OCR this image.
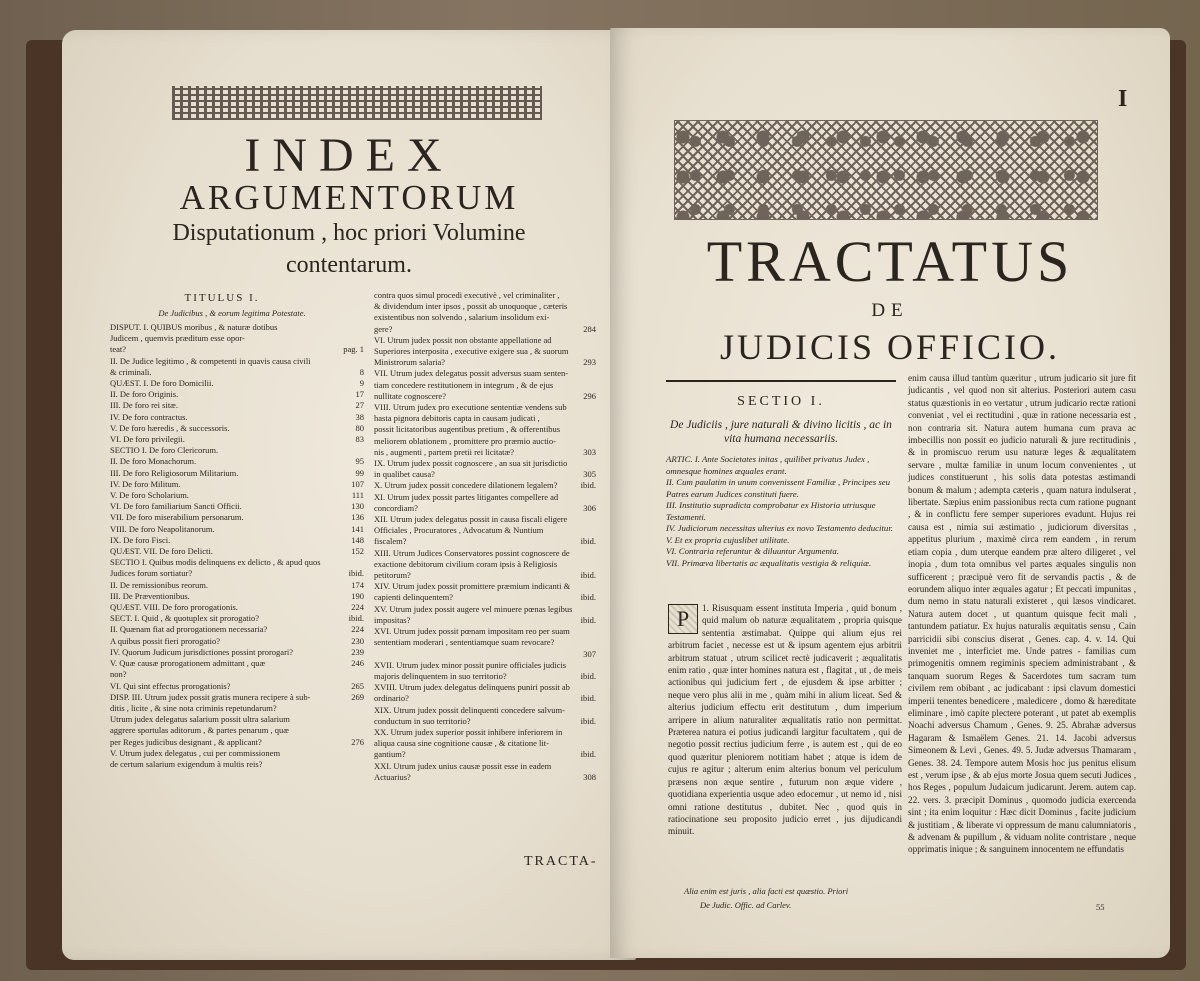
INDEX
ARGUMENTORUM
Disputationum , hoc priori Volumine
contentarum.
TITULUS I.
De Judicibus , & eorum legitima Potestate.
DISPUT. I. QUIBUS moribus , & naturæ dotibus
Judicem , quemvis præditum esse opor-
teat?	pag. 1
II. De Judice legitimo , & competenti in quavis causa civili
& criminali.	8
QUÆST. I. De foro Domicilii.	9
II. De foro Originis.	17
III. De foro rei sitæ.	27
IV. De foro contractus.	38
V. De foro hæredis , & successoris.	80
VI. De foro privilegii.	83
SECTIO I. De foro Clericorum.
II. De foro Monachorum.	95
III. De foro Religiosorum Militarium.	99
IV. De foro Militum.	107
V. De foro Scholarium.	111
VI. De foro familiarium Sancti Officii.	130
VII. De foro miserabilium personarum.	136
VIII. De foro Neapolitanorum.	141
IX. De foro Fisci.	148
QUÆST. VII. De foro Delicti.	152
SECTIO I. Quibus modis delinquens ex delicto , & apud quos
Judices forum sortiatur?	ibid.
II. De remissionibus reorum.	174
III. De Præventionibus.	190
QUÆST. VIII. De foro prorogationis.	224
SECT. I. Quid , & quotuplex sit prorogatio?	ibid.
II. Quænam fiat ad prorogationem necessaria?	224
A quibus possit fieri prorogatio?	230
IV. Quorum Judicum jurisdictiones possint prorogari?	239
V. Quæ causæ prorogationem admittant , quæ	246
non?
VI. Qui sint effectus prorogationis?	265
DISP. III. Utrum judex possit gratis munera recipere à sub-	269
ditis , licite , & sine nota criminis repetundarum?
Utrum judex delegatus salarium possit ultra salarium
aggrere sportulas aditorum , & partes penarum , quæ
per Reges judicibus designant , & applicant?	276
V. Utrum judex delegatus , cui per commissionem
de certum salarium exigendum à multis reis?
contra quos simul procedi executivè , vel criminaliter ,
& dividendum inter ipsos , possit ab unoquoque , cæteris
existentibus non solvendo , salarium insolidum exi-
gere?	284
VI. Utrum judex possit non obstante appellatione ad
Superiores interposita , executive exigere sua , & suorum
Ministrorum salaria?	293
VII. Utrum judex delegatus possit adversus suam senten-
tiam concedere restitutionem in integrum , & de ejus
nullitate cognoscere?	296
VIII. Utrum judex pro executione sententiæ vendens sub
hasta pignora debitoris capta in causam judicati ,
possit licitatoribus augentibus pretium , & offerentibus
meliorem oblationem , promittere pro præmio auctio-
nis , augmenti , partem pretii rei licitatæ?	303
IX. Utrum judex possit cognoscere , an sua sit jurisdictio
in qualibet causa?	305
X. Utrum judex possit concedere dilationem legalem?	ibid.
XI. Utrum judex possit partes litigantes compellere ad
concordiam?	306
XII. Utrum judex delegatus possit in causa fiscali eligere
Officiales , Procuratores , Advocatum & Nuntium
fiscalem?	ibid.
XIII. Utrum Judices Conservatores possint cognoscere de
exactione debitorum civilium coram ipsis à Religiosis
petitorum?	ibid.
XIV. Utrum judex possit promittere præmium indicanti &
capienti delinquentem?	ibid.
XV. Utrum judex possit augere vel minuere pœnas legibus
impositas?	ibid.
XVI. Utrum judex possit pœnam impositam reo per suam
sententiam moderari , sententiamque suam revocare?
307
XVII. Utrum judex minor possit punire officiales judicis
majoris delinquentem in suo territorio?	ibid.
XVIII. Utrum judex delegatus delinquens puniri possit ab
ordinario?	ibid.
XIX. Utrum judex possit delinquenti concedere salvum-
conductum in suo territorio?	ibid.
XX. Utrum judex superior possit inhibere inferiorem in
aliqua causa sine cognitione causæ , & citatione lit-
gantium?	ibid.
XXI. Utrum judex unius causæ possit esse in eadem
Actuarius?	308
TRACTA-
I
TRACTATUS
DE
JUDICIS OFFICIO.
SECTIO I.
De Judiciis , jure naturali & divino licitis , ac in vita humana necessariis.
ARTIC. I. Ante Societates initas , quilibet privatus Judex , omnesque homines æquales erant.
II. Cum paulatim in unum convenissent Familiæ , Principes seu Patres earum Judices constituti fuere.
III. Institutio supradicta comprobatur ex Historia utriusque Testamenti.
IV. Judiciorum necessitas ulterius ex novo Testamento deducitur.
V. Et ex propria cujuslibet utilitate.
VI. Contraria referuntur & diluuntur Argumenta.
VII. Primæva libertatis ac æqualitatis vestigia & reliquiæ.
P	1. Risusquam essent instituta Imperia , quid bonum , quid malum ob naturæ æqualitatem , propria quisque sententia æstimabat. Quippe qui alium ejus rei arbitrum faciet , necesse est ut & ipsum agentem ejus arbitrii arbitrum statuat , utrum scilicet rectè judicaverit ; æqualitatis enim ratio , quæ inter homines natura est , flagitat , ut , de meis actionibus qui judicium fert , de ejusdem & ipse arbitter ; neque vero plus alii in me , quàm mihi in alium liceat. Sed & alterius judicium effectu erit destitutum , dum imperium arripere in alium naturaliter æqualitatis ratio non permittat. Præterea natura ei potius judicandi largitur facultatem , qui de negotio possit rectius judicium ferre , is autem est , qui de eo quod quæritur pleniorem notitiam habet ; atque is idem de cujus re agitur ; alterum enim alterius bonum vel periculum præsens non æque sentire , futurum non æque videre , quotidiana experientia usque adeo edocemur , ut nemo id , nisi omni ratione destitutus , dubitet. Nec , quod quis in ratiocinatione seu proposito judicio erret , jus dijudicandi minuit.
enim causa illud tantùm quæritur , utrum judicario sit jure fit judicantis , vel quod non sit alterius. Posteriori autem casu status quæstionis in eo vertatur , utrum judicario rectæ rationi conveniat , vel ei rectitudini , quæ in ratione necessaria est , non contraria sit. Natura autem humana cum prava ac imbecillis non possit eo judicio naturali & jure rectitudinis , & in promiscuo rerum usu naturæ leges & æqualitatem servare , multæ familiæ in unum locum convenientes , ut judices constituerunt , his solis data potestas æstimandi bonum & malum ; adempta cæteris , quam natura indulserat , libertate. Sæpius enim passionibus recta cum ratione pugnant , & in conflictu fere semper superiores evadunt. Hujus rei causa est , nimia sui æstimatio , judiciorum diversitas , appetitus plurium , maximè circa rem eandem , in rerum etiam copia , dum uterque eandem præ altero diligeret , vel inopia , dum tota omnibus vel partes æquales singulis non sufficerent ; præcipuè vero fit de servandis pactis , & de eorundem aliquo inter æquales agatur ; Et peccati impunitas , dum nemo in statu naturali existeret , qui læsos vindicaret. Natura autem docet , ut quantum quisque fecit mali , tantundem patiatur. Ex hujus naturalis æquitatis sensu , Cain parricidii sibi conscius diserat , Genes. cap. 4. v. 14. Qui inveniet me , interficiet me. Unde patres - familias cum primogenitis omnem regiminis speciem administrabant , & tanquam suorum Reges & Sacerdotes tum sacram tum civilem rem obibant , ac judicabant : ipsi clavum domestici imperii tenentes benedicere , maledicere , domo & hæreditate eliminare , imò capite plectere poterant , ut patet ab exemplis Noachi adversus Chamum , Genes. 9. 25. Abrahæ adversus Hagaram & Ismaëlem Genes. 21. 14. Jacobi adversus Simeonem & Levi , Genes. 49. 5. Judæ adversus Thamaram , Genes. 38. 24. Tempore autem Mosis hoc jus penitus elisum est , verum ipse , & ab ejus morte Josua quem secuti Judices , hos Reges , populum Judaicum judicarunt. Jerem. autem cap. 22. vers. 3. præcipit Dominus , quomodo judicia exercenda sint ; ita enim loquitur : Hæc dicit Dominus , facite judicium & justitiam , & liberate vi oppressum de manu calumniatoris , & advenam & pupillum , & viduam nolite contristare , neque opprimatis inique ; & sanguinem innocentem ne effundatis
Alia enim est juris , alia facti est quæstio. Priori
De Judic. Offic. ad Carlev.	55
